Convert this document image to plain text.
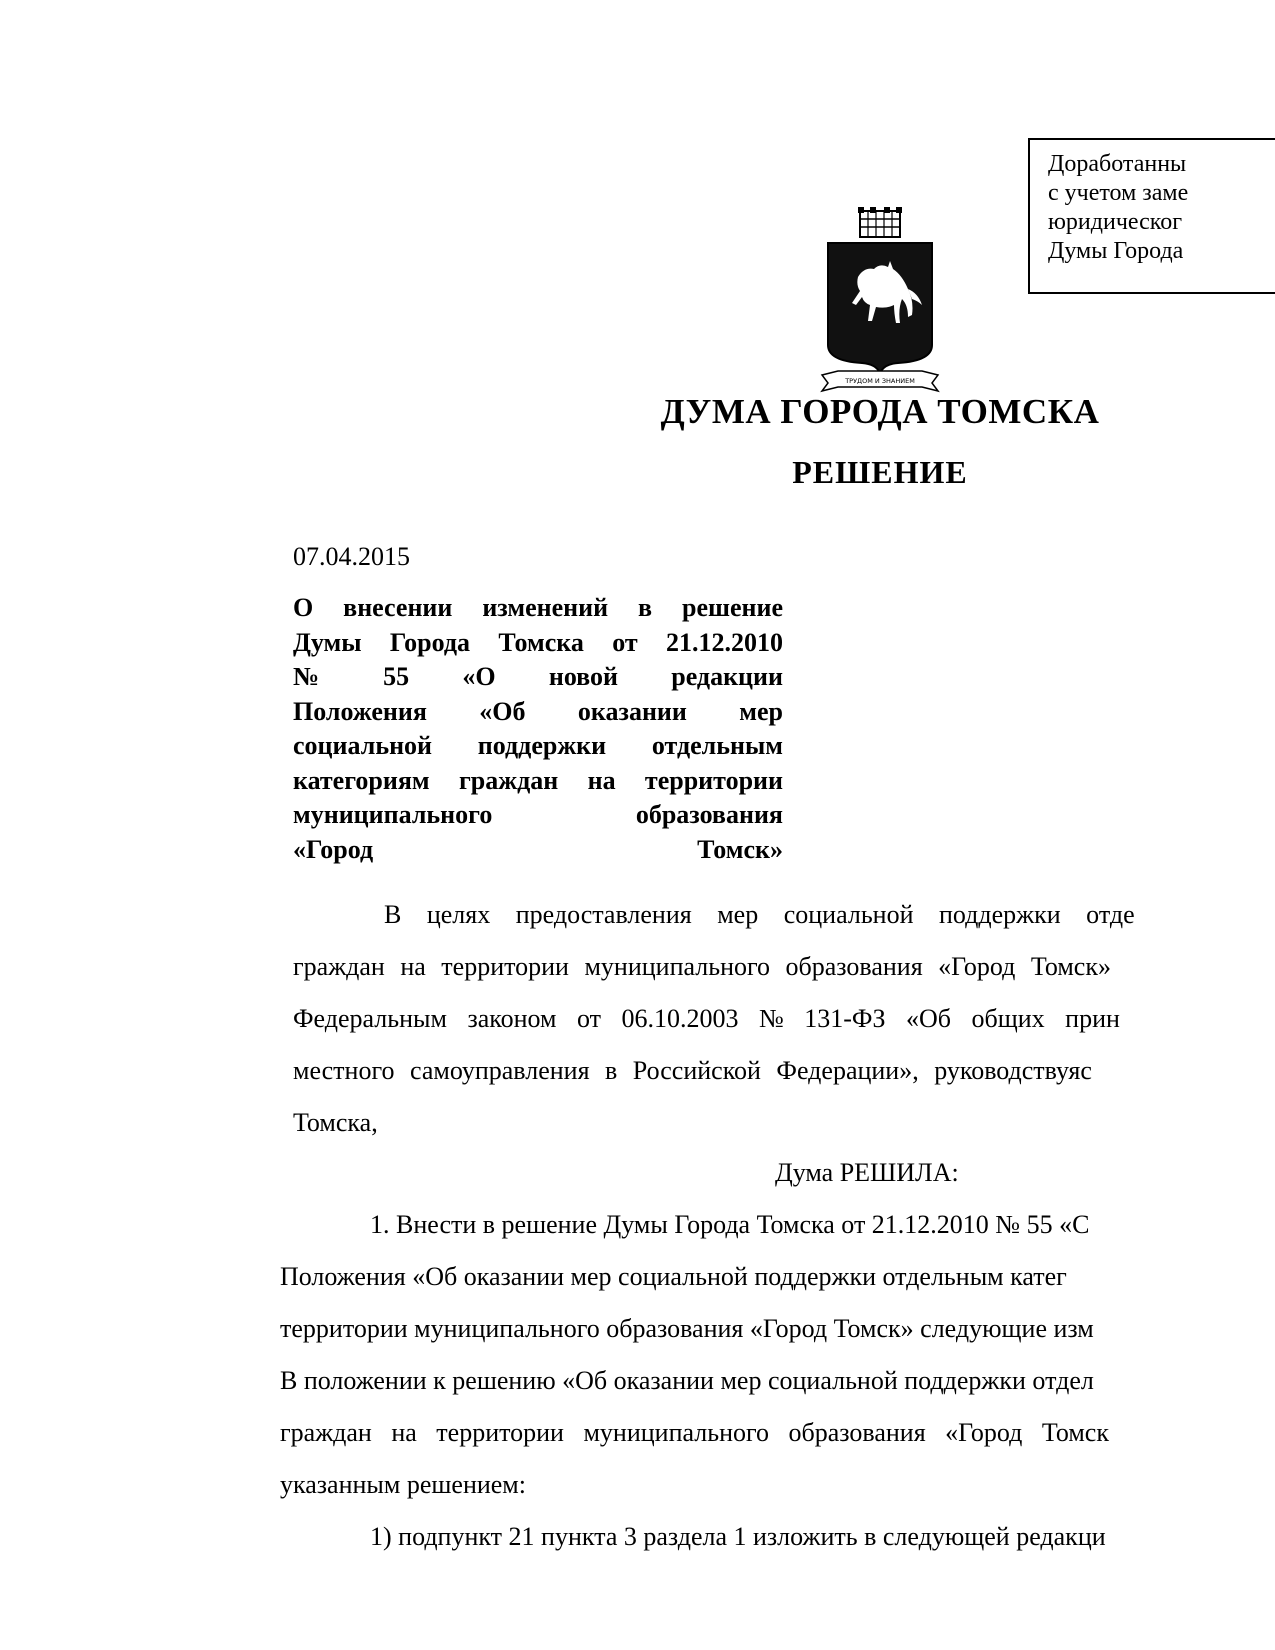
Доработанны
с учетом заме
юридическог
Думы Города
ТРУДОМ И ЗНАНИЕМ
ДУМА ГОРОДА ТОМСКА
РЕШЕНИЕ
07.04.2015
О внесении изменений в решение
Думы Города Томска от 21.12.2010
№ 55 «О новой редакции
Положения «Об оказании мер
социальной поддержки отдельным
категориям граждан на территории
муниципального образования
«Город Томск»
В целях предоставления мер социальной поддержки отде
граждан на территории муниципального образования «Город Томск»
Федеральным законом от 06.10.2003 № 131-ФЗ «Об общих прин
местного самоуправления в Российской Федерации», руководствуяс
Томска,
Дума РЕШИЛА:
1. Внести в решение Думы Города Томска от 21.12.2010 № 55 «С
Положения «Об оказании мер социальной поддержки отдельным катег
территории муниципального образования «Город Томск» следующие изм
В положении к решению «Об оказании мер социальной поддержки отдел
граждан на территории муниципального образования «Город Томск
указанным решением:
1) подпункт 21 пункта 3 раздела 1 изложить в следующей редакци
